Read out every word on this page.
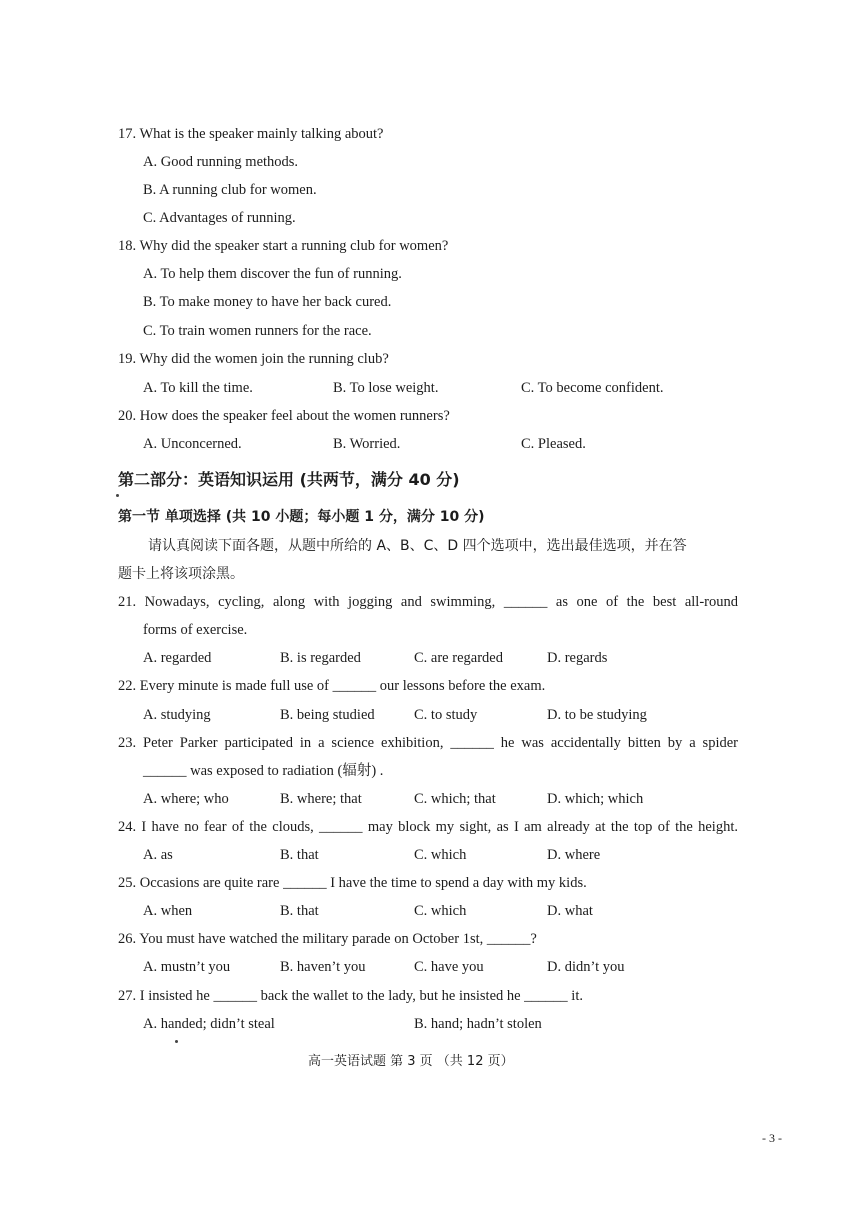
17. What is the speaker mainly talking about?
A. Good running methods.
B. A running club for women.
C. Advantages of running.
18. Why did the speaker start a running club for women?
A. To help them discover the fun of running.
B. To make money to have her back cured.
C. To train women runners for the race.
19. Why did the women join the running club?
A. To kill the time.	B. To lose weight.	C. To become confident.
20. How does the speaker feel about the women runners?
A. Unconcerned.	B. Worried.	C. Pleased.
第二部分：英语知识运用 (共两节，满分 40 分)
第一节 单项选择 (共 10 小题；每小题 1 分，满分 10 分)
请认真阅读下面各题，从题中所给的 A、B、C、D 四个选项中，选出最佳选项，并在答
题卡上将该项涂黑。
21. Nowadays, cycling, along with jogging and swimming, ______ as one of the best all-round
forms of exercise.
A. regarded	B. is regarded	C. are regarded	D. regards
22. Every minute is made full use of ______ our lessons before the exam.
A. studying	B. being studied	C. to study	D. to be studying
23. Peter Parker participated in a science exhibition, ______ he was accidentally bitten by a spider
______ was exposed to radiation (辐射) .
A. where; who	B. where; that	C. which; that	D. which; which
24. I have no fear of the clouds, ______ may block my sight, as I am already at the top of the height.
A. as	B. that	C. which	D. where
25. Occasions are quite rare ______ I have the time to spend a day with my kids.
A. when	B. that	C. which	D. what
26. You must have watched the military parade on October 1st, ______?
A. mustn’t you	B. haven’t you	C. have you	D. didn’t you
27. I insisted he ______ back the wallet to the lady, but he insisted he ______ it.
A. handed; didn’t steal	B. hand; hadn’t stolen
高一英语试题 第 3 页 （共 12 页）
- 3 -
